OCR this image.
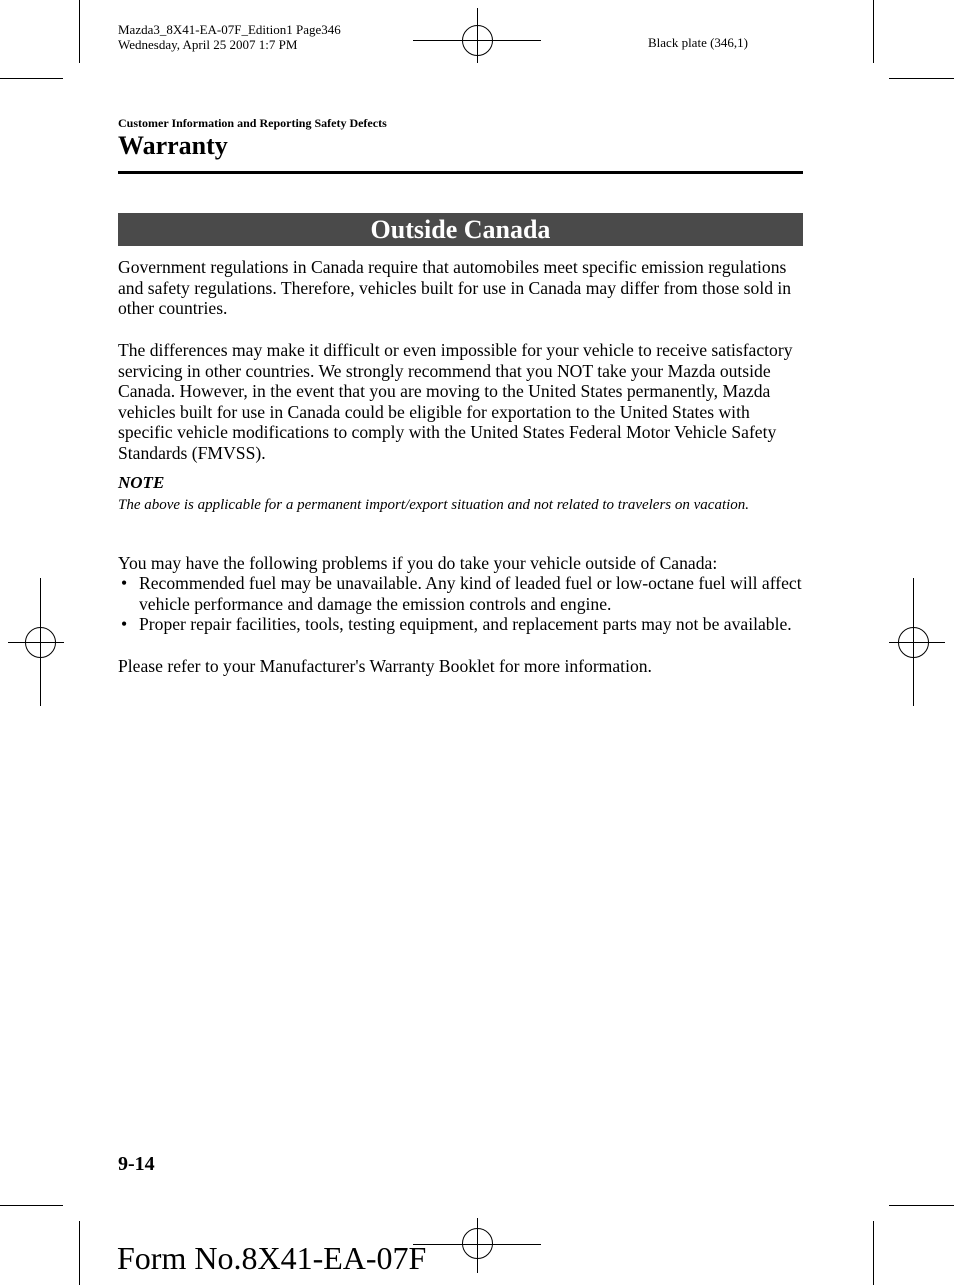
Mazda3_8X41-EA-07F_Edition1 Page346
Wednesday, April 25 2007 1:7 PM	Black plate (346,1)
Customer Information and Reporting Safety Defects
Warranty
Outside Canada
Government regulations in Canada require that automobiles meet specific emission regulations and safety regulations. Therefore, vehicles built for use in Canada may differ from those sold in other countries.
The differences may make it difficult or even impossible for your vehicle to receive satisfactory servicing in other countries. We strongly recommend that you NOT take your Mazda outside Canada. However, in the event that you are moving to the United States permanently, Mazda vehicles built for use in Canada could be eligible for exportation to the United States with specific vehicle modifications to comply with the United States Federal Motor Vehicle Safety Standards (FMVSS).
NOTE
The above is applicable for a permanent import/export situation and not related to travelers on vacation.
You may have the following problems if you do take your vehicle outside of Canada:
• Recommended fuel may be unavailable. Any kind of leaded fuel or low-octane fuel will affect vehicle performance and damage the emission controls and engine.
• Proper repair facilities, tools, testing equipment, and replacement parts may not be available.
Please refer to your Manufacturer's Warranty Booklet for more information.
9-14
Form No.8X41-EA-07F
